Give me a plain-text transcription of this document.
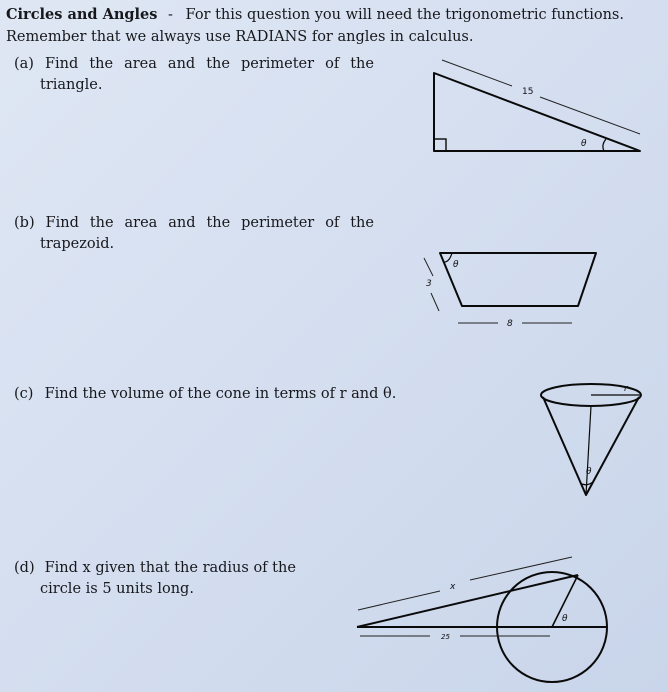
Circles and Angles - For this question you will need the trigonometric functions.
Remember that we always use RADIANS for angles in calculus.
(a) Find the area and the perimeter of the
triangle.
(b) Find the area and the perimeter of the
trapezoid.
(c) Find the volume of the cone in terms of r and θ.
(d) Find x given that the radius of the
circle is 5 units long.
15
θ
3
θ
8
r
θ
x
θ
25
